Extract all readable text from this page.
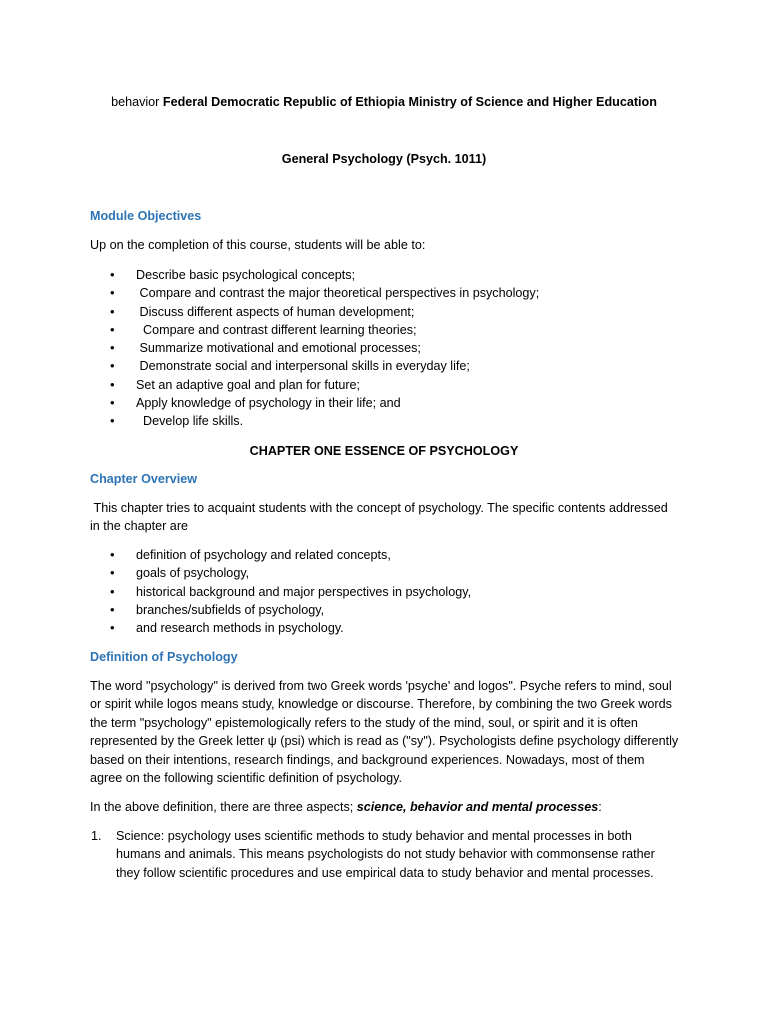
behavior Federal Democratic Republic of Ethiopia Ministry of Science and Higher Education

General Psychology (Psych. 1011)

Module Objectives

Up on the completion of this course, students will be able to:

• Describe basic psychological concepts;
•  Compare and contrast the major theoretical perspectives in psychology;
•  Discuss different aspects of human development;
•   Compare and contrast different learning theories;
•  Summarize motivational and emotional processes;
•  Demonstrate social and interpersonal skills in everyday life;
• Set an adaptive goal and plan for future;
• Apply knowledge of psychology in their life; and
•   Develop life skills.

CHAPTER ONE ESSENCE OF PSYCHOLOGY

Chapter Overview

This chapter tries to acquaint students with the concept of psychology. The specific contents addressed in the chapter are

• definition of psychology and related concepts,
• goals of psychology,
• historical background and major perspectives in psychology,
• branches/subfields of psychology,
• and research methods in psychology.

Definition of Psychology

The word "psychology" is derived from two Greek words 'psyche' and logos". Psyche refers to mind, soul or spirit while logos means study, knowledge or discourse. Therefore, by combining the two Greek words the term "psychology" epistemologically refers to the study of the mind, soul, or spirit and it is often represented by the Greek letter ψ (psi) which is read as ("sy"). Psychologists define psychology differently based on their intentions, research findings, and background experiences. Nowadays, most of them agree on the following scientific definition of psychology.

In the above definition, there are three aspects; science, behavior and mental processes:

1. Science: psychology uses scientific methods to study behavior and mental processes in both humans and animals. This means psychologists do not study behavior with commonsense rather they follow scientific procedures and use empirical data to study behavior and mental processes.
